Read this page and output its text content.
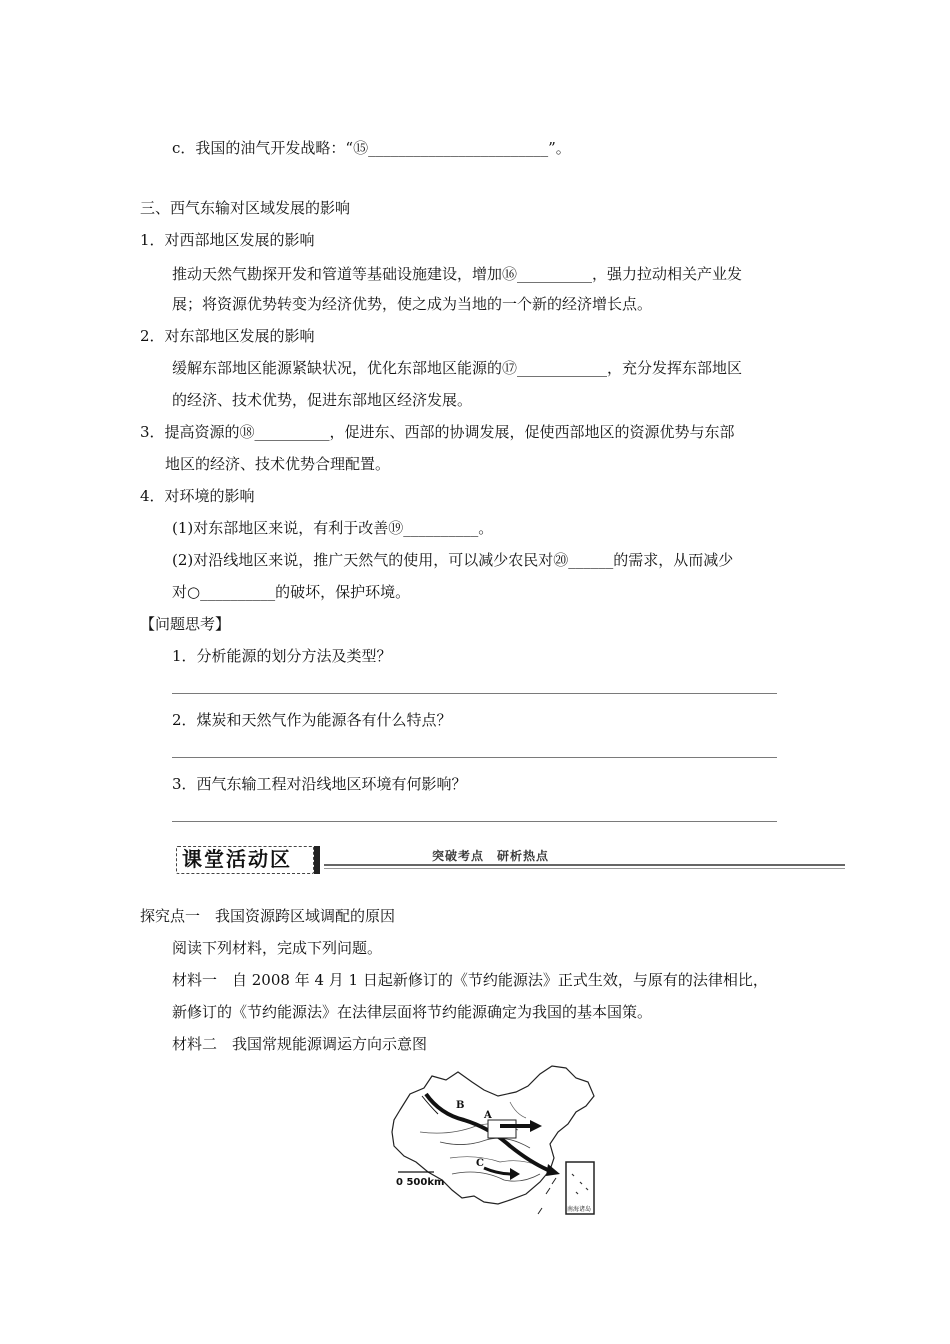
c．我国的油气开发战略：“⑮________________________”。
三、西气东输对区域发展的影响
1．对西部地区发展的影响
推动天然气勘探开发和管道等基础设施建设，增加⑯__________，强力拉动相关产业发
展；将资源优势转变为经济优势，使之成为当地的一个新的经济增长点。
2．对东部地区发展的影响
缓解东部地区能源紧缺状况，优化东部地区能源的⑰____________，充分发挥东部地区
的经济、技术优势，促进东部地区经济发展。
3．提高资源的⑱__________，促进东、西部的协调发展，促使西部地区的资源优势与东部
地区的经济、技术优势合理配置。
4．对环境的影响
(1)对东部地区来说，有利于改善⑲__________。
(2)对沿线地区来说，推广天然气的使用，可以减少农民对⑳______的需求，从而减少
对○__________的破坏，保护环境。
【问题思考】
1．分析能源的划分方法及类型？
2．煤炭和天然气作为能源各有什么特点？
3．西气东输工程对沿线地区环境有何影响？
课堂活动区	突破考点　研析热点
探究点一　我国资源跨区域调配的原因
阅读下列材料，完成下列问题。
材料一　自 2008 年 4 月 1 日起新修订的《节约能源法》正式生效，与原有的法律相比，
新修订的《节约能源法》在法律层面将节约能源确定为我国的基本国策。
材料二　我国常规能源调运方向示意图
B
A
C
0 500km
南海诸岛
